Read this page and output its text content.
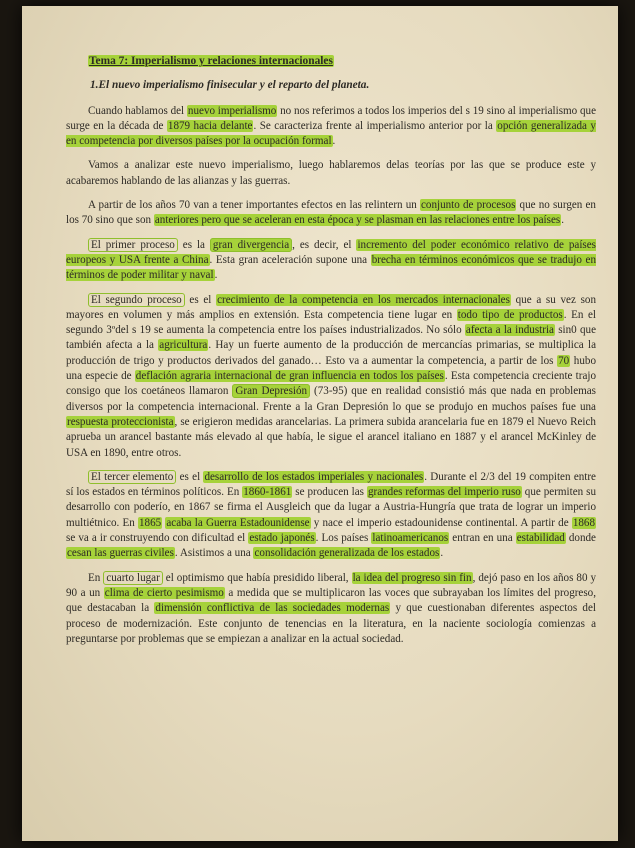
Tema 7: Imperialismo y relaciones internacionales
1.El nuevo imperialismo finisecular y el reparto del planeta.

Cuando hablamos del nuevo imperialismo no nos referimos a todos los imperios del s 19 sino al imperialismo que surge en la década de 1879 hacia delante. Se caracteriza frente al imperialismo anterior por la opción generalizada y en competencia por diversos países por la ocupación formal.

Vamos a analizar este nuevo imperialismo, luego hablaremos delas teorías por las que se produce este y acabaremos hablando de las alianzas y las guerras.

A partir de los años 70 van a tener importantes efectos en las relintern un conjunto de procesos que no surgen en los 70 sino que son anteriores pero que se aceleran en esta época y se plasman en las relaciones entre los países.

El primer proceso es la gran divergencia , es decir, el incremento del poder económico relativo de países europeos y USA frente a China. Esta gran aceleración supone una brecha en términos económicos que se tradujo en términos de poder militar y naval.

El segundo proceso es el crecimiento de la competencia en los mercados internacionales que a su vez son mayores en volumen y más amplios en extensión. Esta competencia tiene lugar en todo tipo de productos. En el segundo 3ºdel s 19 se aumenta la competencia entre los países industrializados. No sólo afecta a la industria sin0 que también afecta a la agricultura. Hay un fuerte aumento de la producción de mercancías primarias, se multiplica la producción de trigo y productos derivados del ganado… Esto va a aumentar la competencia, a partir de los 70 hubo una especie de deflación agraria internacional de gran influencia en todos los países. Esta competencia creciente trajo consigo que los coetáneos llamaron Gran Depresión (73-95) que en realidad consistió más que nada en problemas diversos por la competencia internacional. Frente a la Gran Depresión lo que se produjo en muchos países fue una respuesta proteccionista, se erigieron medidas arancelarias. La primera subida arancelaria fue en 1879 el Nuevo Reich aprueba un arancel bastante más elevado al que había, le sigue el arancel italiano en 1887 y el arancel McKinley de USA en 1890, entre otros.

El tercer elemento es el desarrollo de los estados imperiales y nacionales. Durante el 2/3 del 19 compiten entre sí los estados en términos políticos. En 1860-1861 se producen las grandes reformas del imperio ruso que permiten su desarrollo con poderío, en 1867 se firma el Ausgleich que da lugar a Austria-Hungría que trata de lograr un imperio multiétnico. En 1865 acaba la Guerra Estadounidense y nace el imperio estadounidense continental. A partir de 1868 se va a ir construyendo con dificultad el estado japonés. Los países latinoamericanos entran en una estabilidad donde cesan las guerras civiles. Asistimos a una consolidación generalizada de los estados.

En cuarto lugar el optimismo que había presidido liberal, la idea del progreso sin fin, dejó paso en los años 80 y 90 a un clima de cierto pesimismo a medida que se multiplicaron las voces que subrayaban los límites del progreso, que destacaban la dimensión conflictiva de las sociedades modernas y que cuestionaban diferentes aspectos del proceso de modernización. Este conjunto de tenencias en la literatura, en la naciente sociología comienzas a preguntarse por problemas que se empiezan a analizar en la actual sociedad.
